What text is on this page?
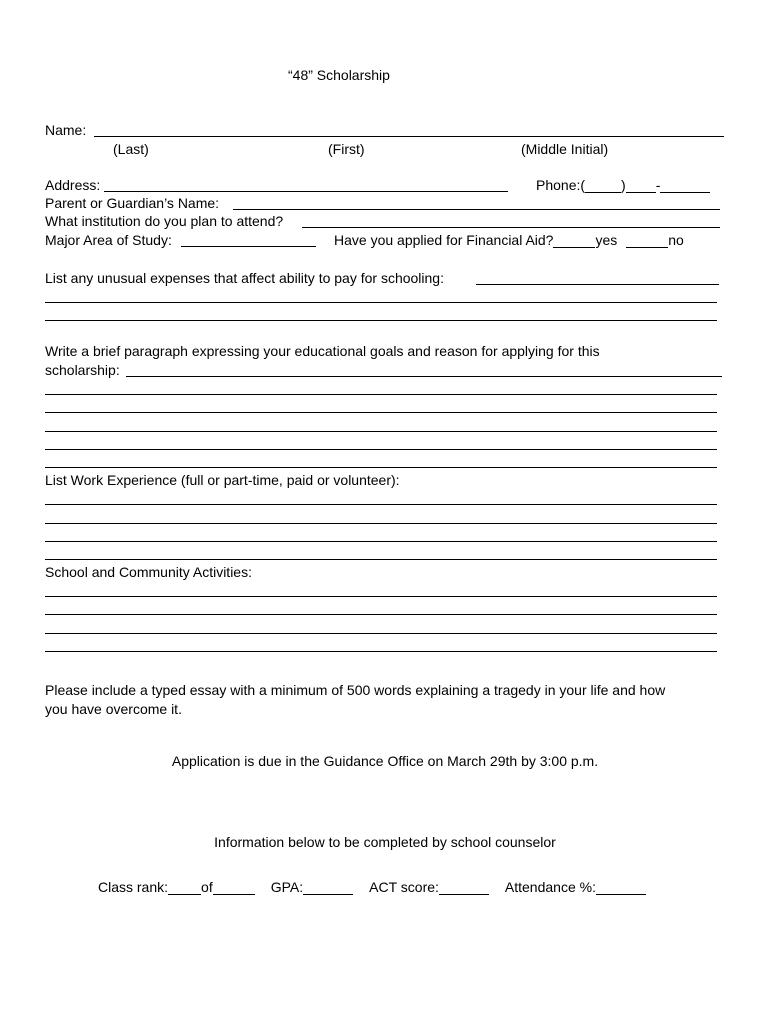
“48” Scholarship
Name:
(Last)	(First)	(Middle Initial)
Address:	Phone:(	) -
Parent or Guardian’s Name:
What institution do you plan to attend?
Major Area of Study:	Have you applied for Financial Aid?	yes	no
List any unusual expenses that affect ability to pay for schooling:
Write a brief paragraph expressing your educational goals and reason for applying for this
scholarship:
List Work Experience (full or part-time, paid or volunteer):
School and Community Activities:
Please include a typed essay with a minimum of 500 words explaining a tragedy in your life and how
you have overcome it.
Application is due in the Guidance Office on March 29th by 3:00 p.m.
Information below to be completed by school counselor
Class rank: of	GPA:	ACT score:	Attendance %:
